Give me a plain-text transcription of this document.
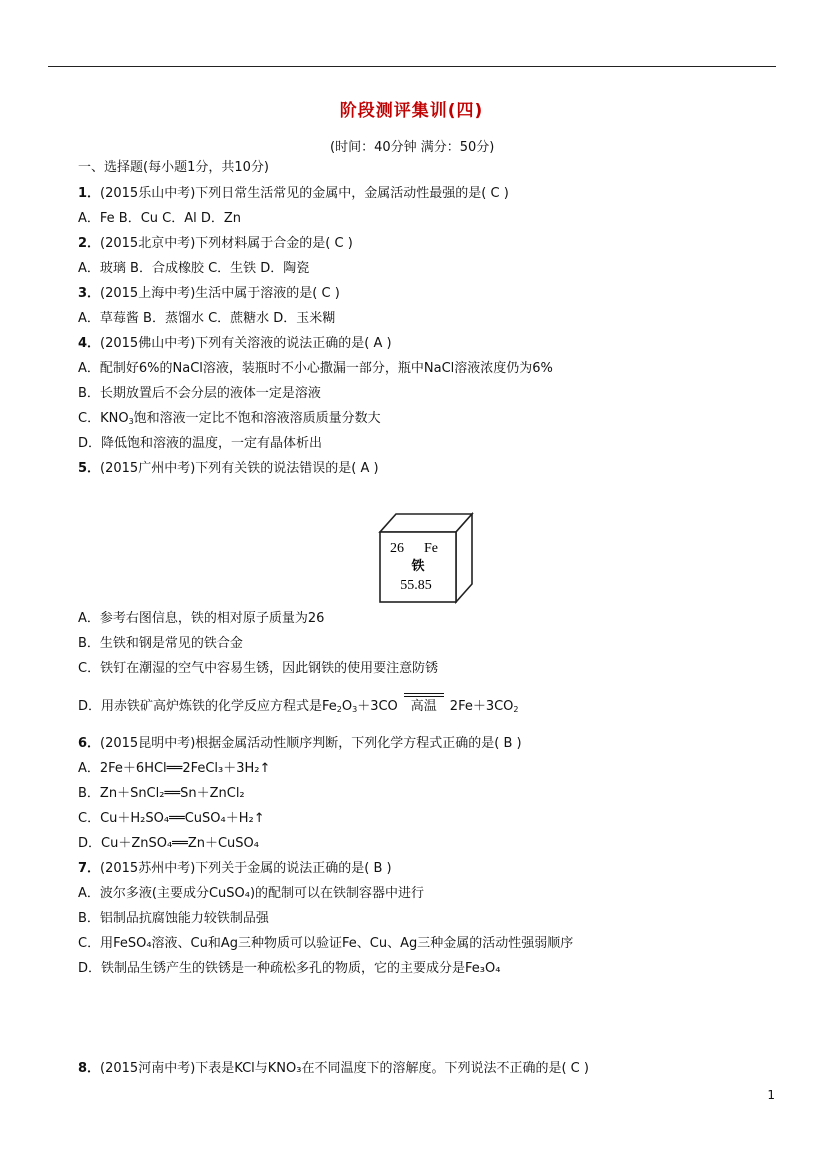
阶段测评集训(四)
(时间：40分钟 满分：50分)
一、选择题(每小题1分，共10分)
1．(2015乐山中考)下列日常生活常见的金属中，金属活动性最强的是( C )
A．Fe B．Cu C．Al D．Zn
2．(2015北京中考)下列材料属于合金的是( C )
A．玻璃 B．合成橡胶 C．生铁 D．陶瓷
3．(2015上海中考)生活中属于溶液的是( C )
A．草莓酱 B．蒸馏水 C．蔗糖水 D．玉米糊
4．(2015佛山中考)下列有关溶液的说法正确的是( A )
A．配制好6%的NaCl溶液，装瓶时不小心撒漏一部分，瓶中NaCl溶液浓度仍为6%
B．长期放置后不会分层的液体一定是溶液
C．$KNO_3$饱和溶液一定比不饱和溶液溶质质量分数大
D．降低饱和溶液的温度，一定有晶体析出
5．(2015广州中考)下列有关铁的说法错误的是( A )
26 Fe
铁
55.85
A．参考右图信息，铁的相对原子质量为26
B．生铁和钢是常见的铁合金
C．铁钉在潮湿的空气中容易生锈，因此钢铁的使用要注意防锈
D．用赤铁矿高炉炼铁的化学反应方程式是$Fe_2O_3+3CO$ 高温 $2Fe+3CO_2$
6．(2015昆明中考)根据金属活动性顺序判断，下列化学方程式正确的是( B )
A．2Fe＋6HCl══2FeCl₃＋3H₂↑
B．Zn＋SnCl₂══Sn＋ZnCl₂
C．Cu＋H₂SO₄══CuSO₄＋H₂↑
D．Cu＋ZnSO₄══Zn＋CuSO₄
7．(2015苏州中考)下列关于金属的说法正确的是( B )
A．波尔多液(主要成分CuSO₄)的配制可以在铁制容器中进行
B．铝制品抗腐蚀能力较铁制品强
C．用FeSO₄溶液、Cu和Ag三种物质可以验证Fe、Cu、Ag三种金属的活动性强弱顺序
D．铁制品生锈产生的铁锈是一种疏松多孔的物质，它的主要成分是Fe₃O₄
8．(2015河南中考)下表是KCl与KNO₃在不同温度下的溶解度。下列说法不正确的是( C )
1
